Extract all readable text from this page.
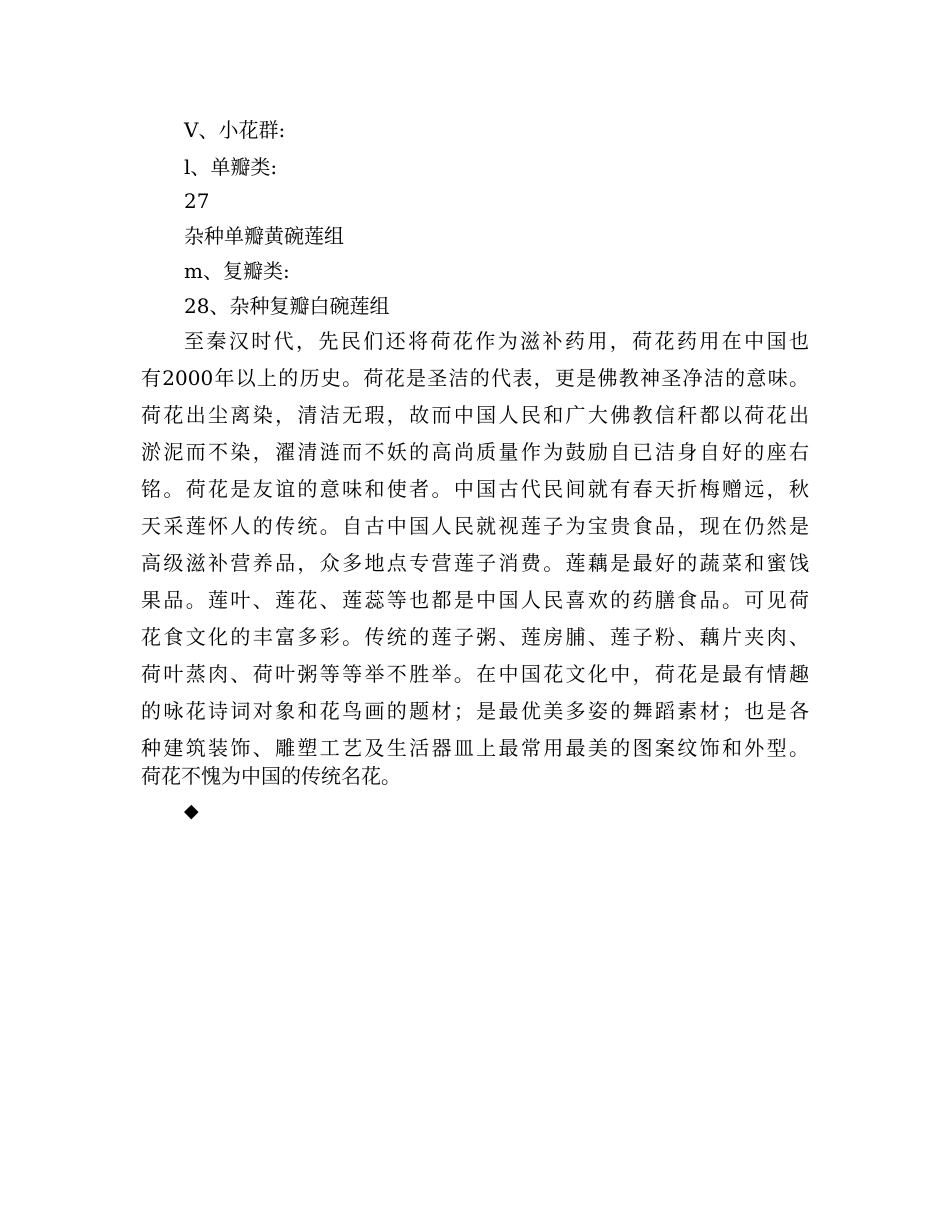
V、小花群:

l、单瓣类:

27

杂种单瓣黄碗莲组

m、复瓣类:

28、杂种复瓣白碗莲组

至秦汉时代，先民们还将荷花作为滋补药用，荷花药用在中国也

有2000年以上的历史。荷花是圣洁的代表，更是佛教神圣净洁的意味。

荷花出尘离染，清洁无瑕，故而中国人民和广大佛教信秆都以荷花出

淤泥而不染，濯清涟而不妖的高尚质量作为鼓励自已洁身自好的座右

铭。荷花是友谊的意味和使者。中国古代民间就有春天折梅赠远，秋

天采莲怀人的传统。自古中国人民就视莲子为宝贵食品，现在仍然是

高级滋补营养品，众多地点专营莲子消费。莲藕是最好的蔬菜和蜜饯

果品。莲叶、莲花、莲蕊等也都是中国人民喜欢的药膳食品。可见荷

花食文化的丰富多彩。传统的莲子粥、莲房脯、莲子粉、藕片夹肉、

荷叶蒸肉、荷叶粥等等举不胜举。在中国花文化中，荷花是最有情趣

的咏花诗词对象和花鸟画的题材；是最优美多姿的舞蹈素材；也是各

种建筑装饰、雕塑工艺及生活器皿上最常用最美的图案纹饰和外型。

荷花不愧为中国的传统名花。

◆
